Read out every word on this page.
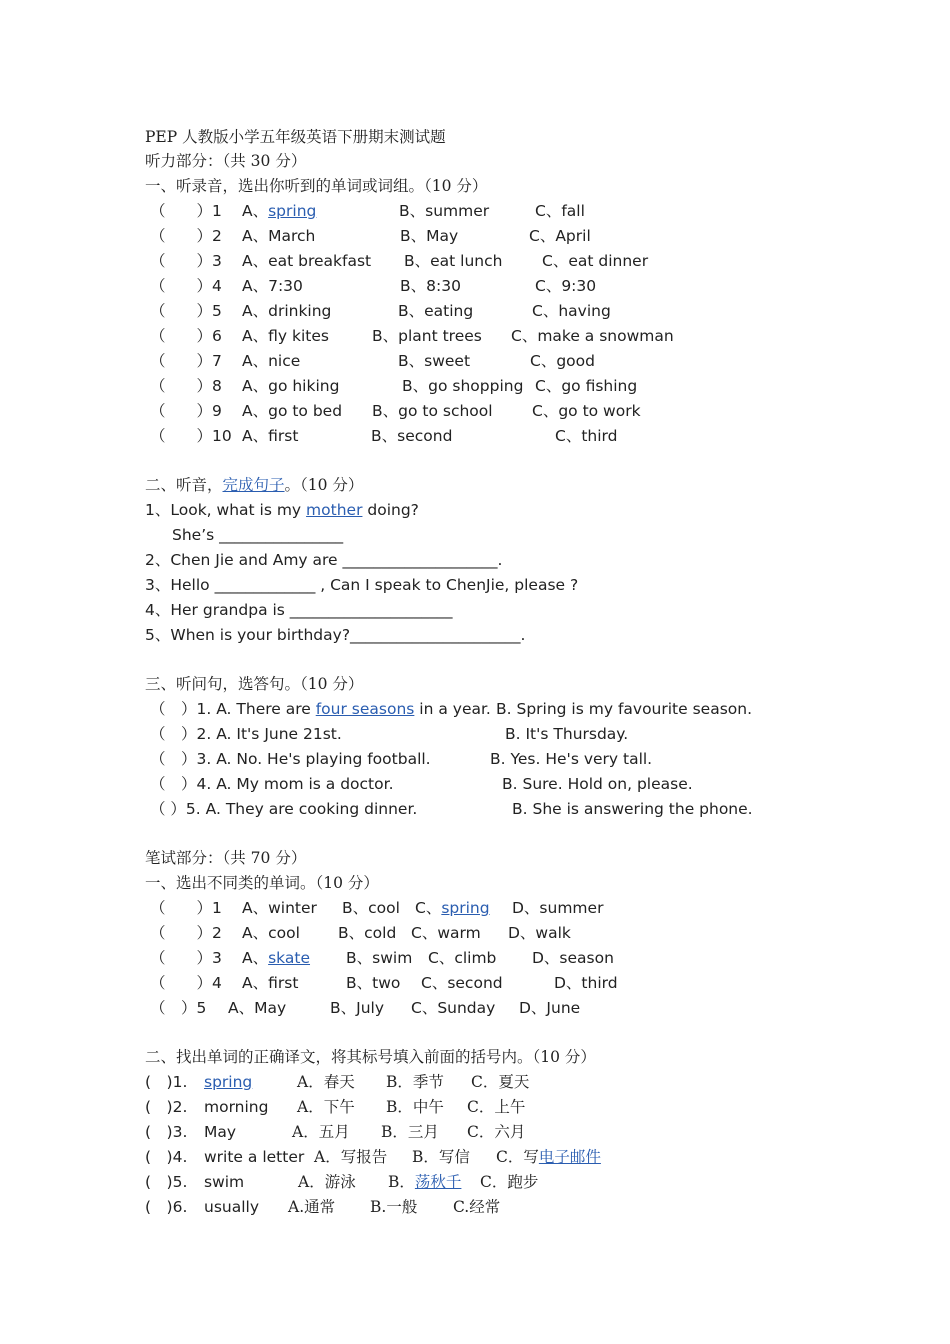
PEP 人教版小学五年级英语下册期末测试题
听力部分：（共 30 分）
一、听录音，选出你听到的单词或词组。（10 分）
（　　）1 A、spring	B、summer	C、fall
（　　）2 A、March	B、May	C、April
（　　）3 A、eat breakfast B、eat lunch	C、eat dinner
（　　）4 A、7:30	B、8:30	C、9:30
（　　）5 A、drinking	B、eating	C、having
（　　）6 A、fly kites	B、plant trees C、make a snowman
（　　）7 A、nice	B、sweet	C、good
（　　）8 A、go hiking	B、go shopping C、go fishing
（　　）9 A、go to bed B、go to school	C、go to work
（　　）10 A、first	B、second	C、third
二、听音，完成句子。（10 分）
1、Look, what is my mother doing?
She’s ________________
2、Chen Jie and Amy are ____________________.
3、Hello _____________ , Can I speak to ChenJie, please ?
4、Her grandpa is _____________________
5、When is your birthday?______________________.
三、听问句，选答句。（10 分）
（　）1. A. There are four seasons in a year. B. Spring is my favourite season.
（　）2. A. It's June 21st.	B. It's Thursday.
（　）3. A. No. He's playing football.	B. Yes. He's very tall.
（　）4. A. My mom is a doctor.	B. Sure. Hold on, please.
（ ）5. A. They are cooking dinner.	B. She is answering the phone.
笔试部分：（共 70 分）
一、选出不同类的单词。（10 分）
（　　）1 A、winter B、cool C、spring D、summer
（　　）2 A、cool B、cold C、warm D、walk
（　　）3 A、skate B、swim C、climb D、season
（　　）4 A、first	B、two C、second	D、third
（　）5 A、May	B、July C、Sunday D、June
二、找出单词的正确译文，将其标号填入前面的括号内。（10 分）
(　)1. spring	A．春天 B．季节 C．夏天
(　)2. morning A．下午 B．中午 C．上午
(　)3. May	A．五月 B．三月 C．六月
(　)4. write a letter A．写报告 B．写信 C．写电子邮件
(　)5. swim	A．游泳 B．荡秋千 C．跑步
(　)6. usually A.通常 B.一般 C.经常
